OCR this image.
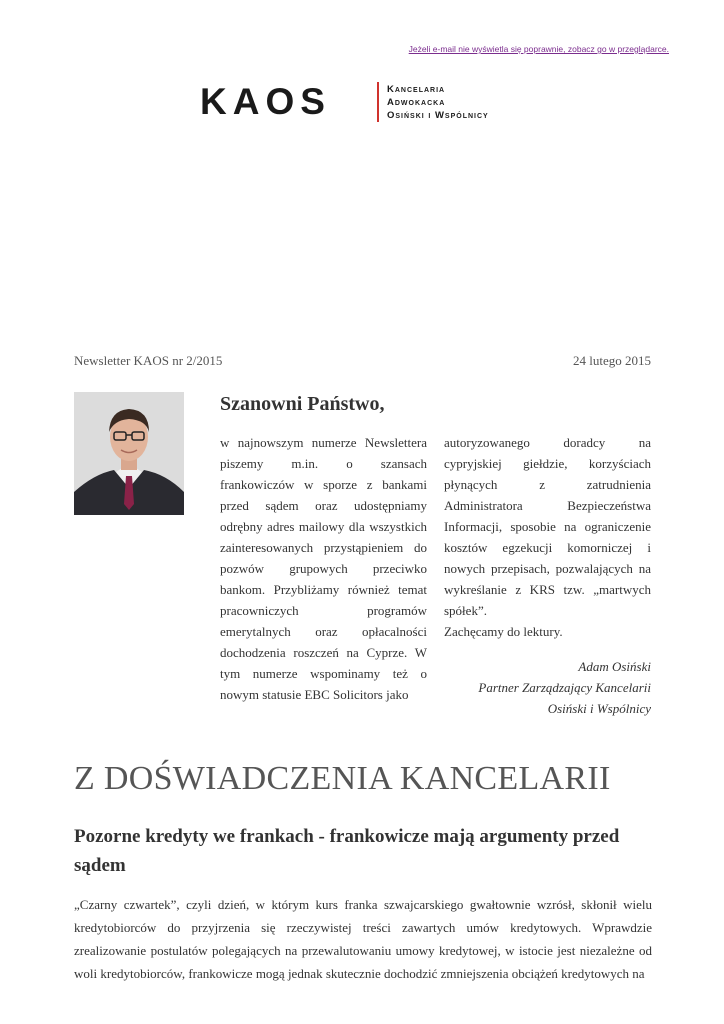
Jeżeli e-mail nie wyświetla się poprawnie, zobacz go w przeglądarce.
KAOS	Kancelaria
Adwokacka
Osiński i Wspólnicy
Newsletter KAOS nr 2/2015	24 lutego 2015
Szanowni Państwo,

w najnowszym numerze Newslettera piszemy m.in. o szansach frankowiczów w sporze z bankami przed sądem oraz udostępniamy odrębny adres mailowy dla wszystkich zainteresowanych przystąpieniem do pozwów grupowych przeciwko bankom. Przybliżamy również temat pracowniczych programów emerytalnych oraz opłacalności dochodzenia roszczeń na Cyprze. W tym numerze wspominamy też o nowym statusie EBC Solicitors jako

autoryzowanego doradcy na cypryjskiej giełdzie, korzyściach płynących z zatrudnienia Administratora Bezpieczeństwa Informacji, sposobie na ograniczenie kosztów egzekucji komorniczej i nowych przepisach, pozwalających na wykreślanie z KRS tzw. „martwych spółek”.

Zachęcamy do lektury.

Adam Osiński

Partner Zarządzający Kancelarii

Osiński i Wspólnicy

Z DOŚWIADCZENIA KANCELARII
Pozorne kredyty we frankach - frankowicze mają argumenty przed sądem

„Czarny czwartek”, czyli dzień, w którym kurs franka szwajcarskiego gwałtownie wzrósł, skłonił wielu kredytobiorców do przyjrzenia się rzeczywistej treści zawartych umów kredytowych. Wprawdzie zrealizowanie postulatów polegających na przewalutowaniu umowy kredytowej, w istocie jest niezależne od woli kredytobiorców, frankowicze mogą jednak skutecznie dochodzić zmniejszenia obciążeń kredytowych na
